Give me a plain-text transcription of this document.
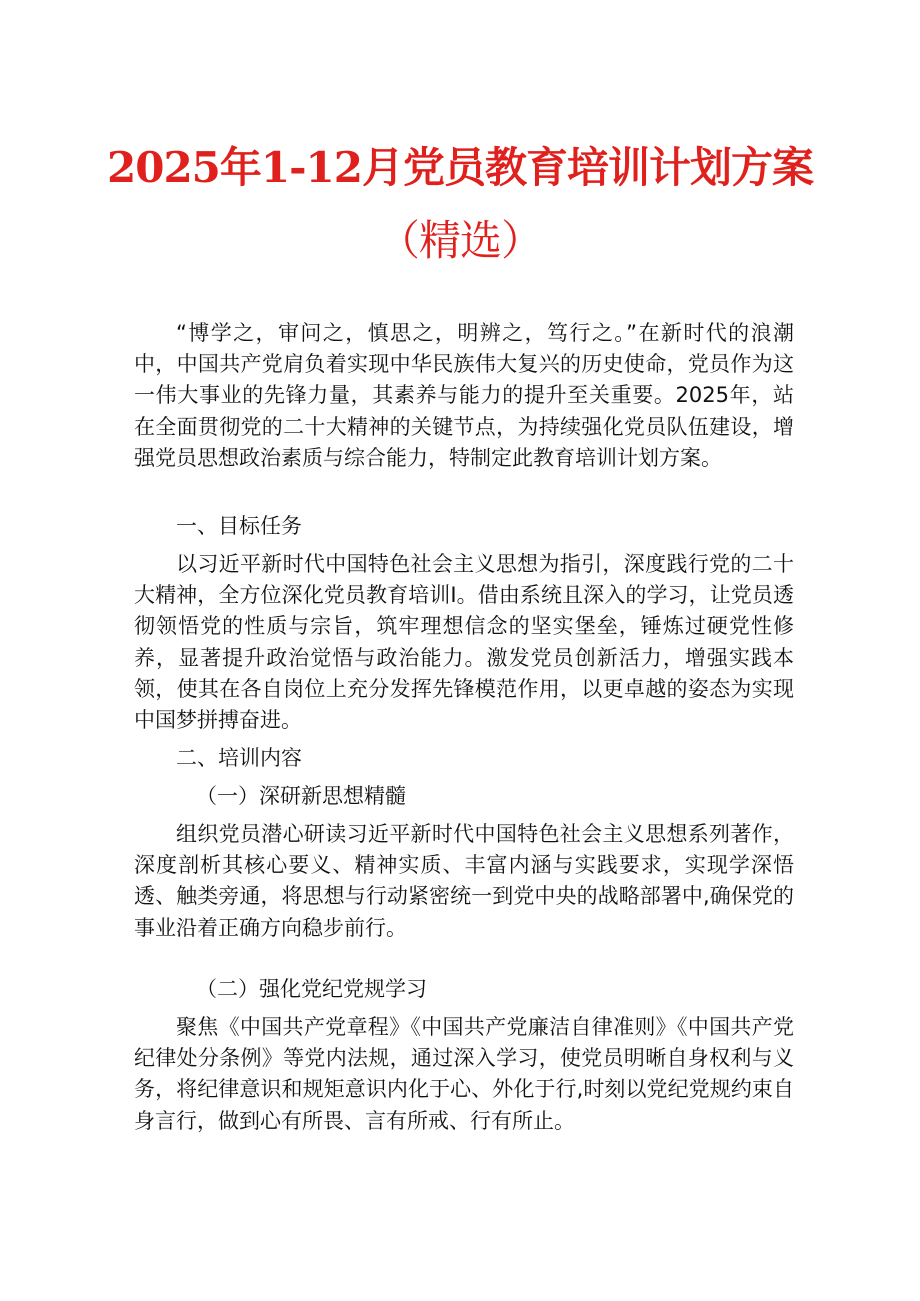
2025年1-12月党员教育培训计划方案
（精选）

“博学之，审问之，慎思之，明辨之，笃行之。”在新时代的浪潮中，中国共产党肩负着实现中华民族伟大复兴的历史使命，党员作为这一伟大事业的先锋力量，其素养与能力的提升至关重要。2025年，站在全面贯彻党的二十大精神的关键节点，为持续强化党员队伍建设，增强党员思想政治素质与综合能力，特制定此教育培训计划方案。

一、目标任务

以习近平新时代中国特色社会主义思想为指引，深度践行党的二十大精神，全方位深化党员教育培训I。借由系统且深入的学习，让党员透彻领悟党的性质与宗旨，筑牢理想信念的坚实堡垒，锤炼过硬党性修养，显著提升政治觉悟与政治能力。激发党员创新活力，增强实践本领，使其在各自岗位上充分发挥先锋模范作用，以更卓越的姿态为实现中国梦拼搏奋进。

二、培训内容

（一）深研新思想精髓

组织党员潜心研读习近平新时代中国特色社会主义思想系列著作，深度剖析其核心要义、精神实质、丰富内涵与实践要求，实现学深悟透、触类旁通，将思想与行动紧密统一到党中央的战略部署中,确保党的事业沿着正确方向稳步前行。

（二）强化党纪党规学习

聚焦《中国共产党章程》《中国共产党廉洁自律准则》《中国共产党纪律处分条例》等党内法规，通过深入学习，使党员明晰自身权利与义务，将纪律意识和规矩意识内化于心、外化于行,时刻以党纪党规约束自身言行，做到心有所畏、言有所戒、行有所止。
